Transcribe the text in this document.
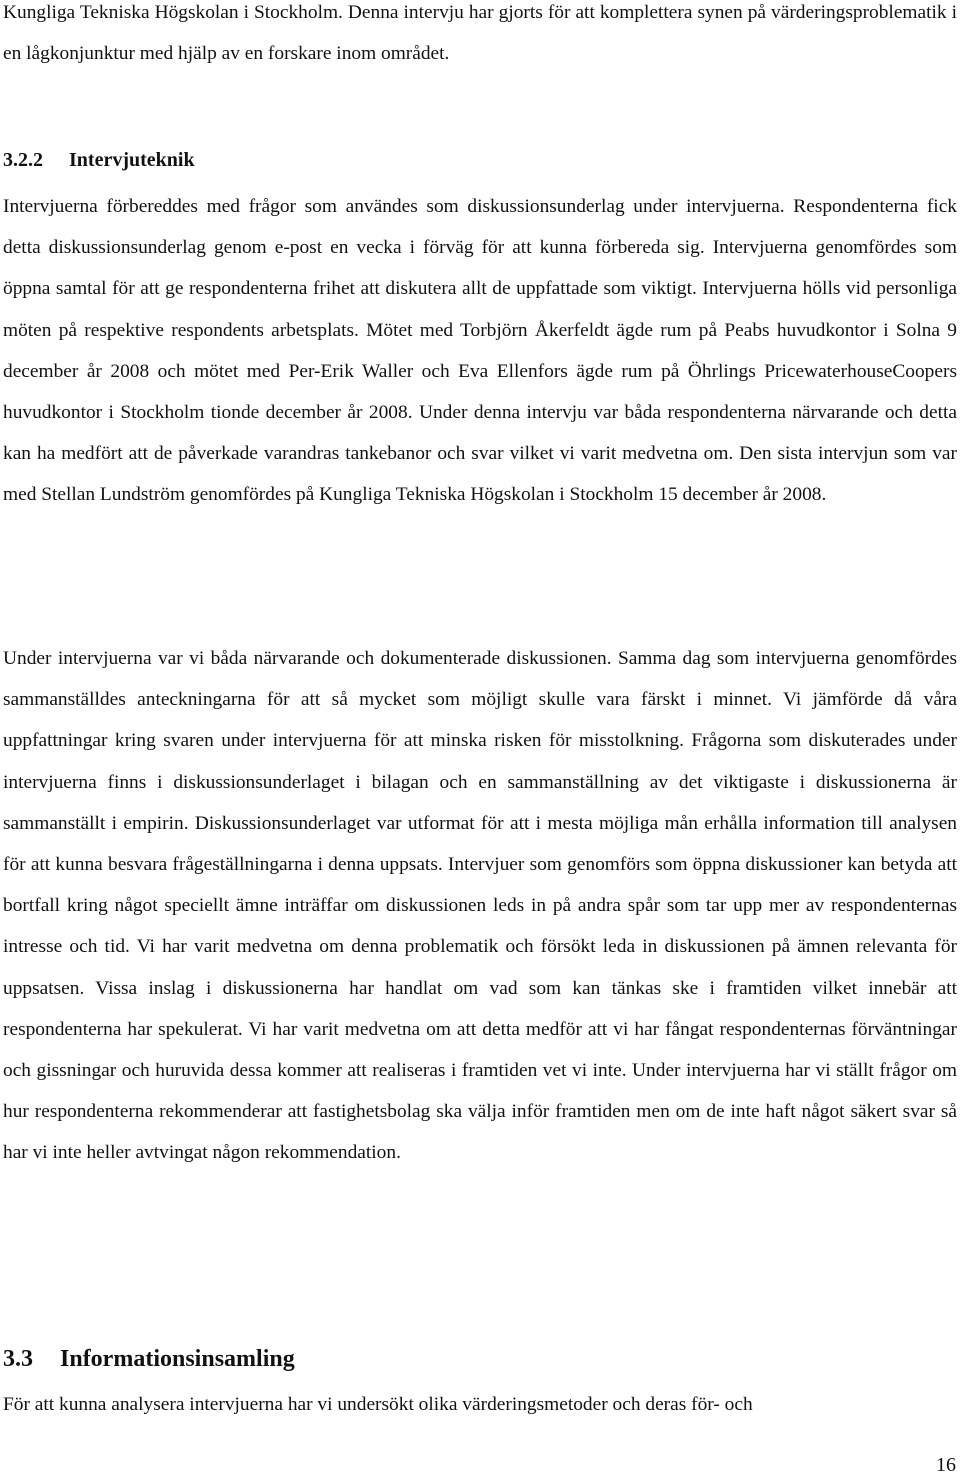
Kungliga Tekniska Högskolan i Stockholm. Denna intervju har gjorts för att komplettera synen på värderingsproblematik i en lågkonjunktur med hjälp av en forskare inom området.

3.2.2 Intervjuteknik

Intervjuerna förbereddes med frågor som användes som diskussionsunderlag under intervjuerna. Respondenterna fick detta diskussionsunderlag genom e-post en vecka i förväg för att kunna förbereda sig. Intervjuerna genomfördes som öppna samtal för att ge respondenterna frihet att diskutera allt de uppfattade som viktigt. Intervjuerna hölls vid personliga möten på respektive respondents arbetsplats. Mötet med Torbjörn Åkerfeldt ägde rum på Peabs huvudkontor i Solna 9 december år 2008 och mötet med Per-Erik Waller och Eva Ellenfors ägde rum på Öhrlings PricewaterhouseCoopers huvudkontor i Stockholm tionde december år 2008. Under denna intervju var båda respondenterna närvarande och detta kan ha medfört att de påverkade varandras tankebanor och svar vilket vi varit medvetna om. Den sista intervjun som var med Stellan Lundström genomfördes på Kungliga Tekniska Högskolan i Stockholm 15 december år 2008.

Under intervjuerna var vi båda närvarande och dokumenterade diskussionen. Samma dag som intervjuerna genomfördes sammanställdes anteckningarna för att så mycket som möjligt skulle vara färskt i minnet. Vi jämförde då våra uppfattningar kring svaren under intervjuerna för att minska risken för misstolkning. Frågorna som diskuterades under intervjuerna finns i diskussionsunderlaget i bilagan och en sammanställning av det viktigaste i diskussionerna är sammanställt i empirin. Diskussionsunderlaget var utformat för att i mesta möjliga mån erhålla information till analysen för att kunna besvara frågeställningarna i denna uppsats. Intervjuer som genomförs som öppna diskussioner kan betyda att bortfall kring något speciellt ämne inträffar om diskussionen leds in på andra spår som tar upp mer av respondenternas intresse och tid. Vi har varit medvetna om denna problematik och försökt leda in diskussionen på ämnen relevanta för uppsatsen. Vissa inslag i diskussionerna har handlat om vad som kan tänkas ske i framtiden vilket innebär att respondenterna har spekulerat. Vi har varit medvetna om att detta medför att vi har fångat respondenternas förväntningar och gissningar och huruvida dessa kommer att realiseras i framtiden vet vi inte. Under intervjuerna har vi ställt frågor om hur respondenterna rekommenderar att fastighetsbolag ska välja inför framtiden men om de inte haft något säkert svar så har vi inte heller avtvingat någon rekommendation.

3.3 Informationsinsamling

För att kunna analysera intervjuerna har vi undersökt olika värderingsmetoder och deras för- och

16
